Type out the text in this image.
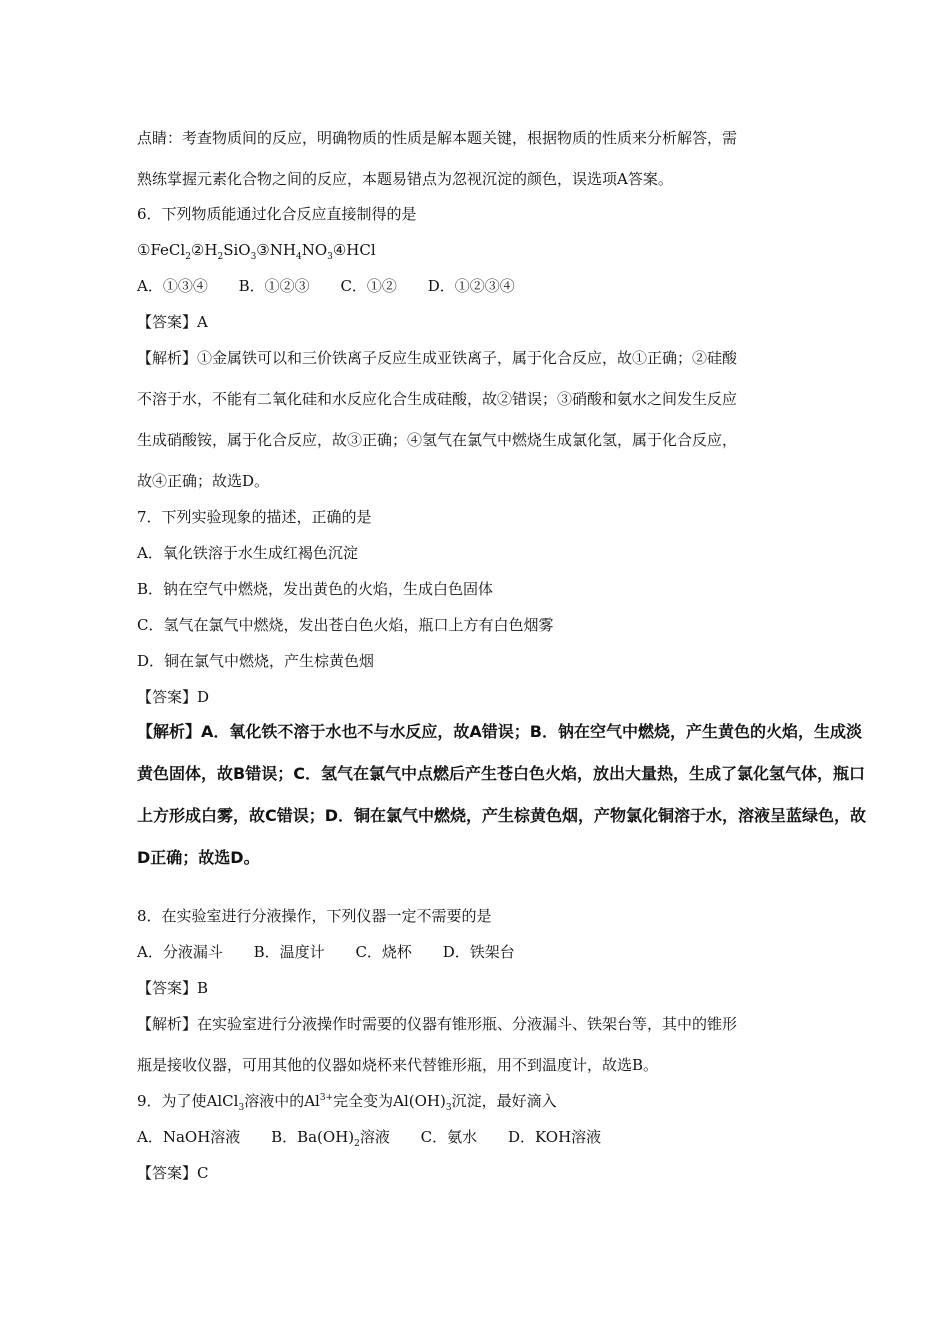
点睛：考查物质间的反应，明确物质的性质是解本题关键，根据物质的性质来分析解答，需
熟练掌握元素化合物之间的反应，本题易错点为忽视沉淀的颜色，误选项A答案。
6．下列物质能通过化合反应直接制得的是
$①FeCl_2②H_2SiO_3③NH_4NO_3④HCl$
A．①③④ B．①②③ C．①② D．①②③④
【答案】A
【解析】①金属铁可以和三价铁离子反应生成亚铁离子，属于化合反应，故①正确；②硅酸
不溶于水，不能有二氧化硅和水反应化合生成硅酸，故②错误；③硝酸和氨水之间发生反应
生成硝酸铵，属于化合反应，故③正确；④氢气在氯气中燃烧生成氯化氢，属于化合反应，
故④正确；故选D。
7．下列实验现象的描述，正确的是
A．氧化铁溶于水生成红褐色沉淀
B．钠在空气中燃烧，发出黄色的火焰，生成白色固体
C．氢气在氯气中燃烧，发出苍白色火焰，瓶口上方有白色烟雾
D．铜在氯气中燃烧，产生棕黄色烟
【答案】D
【解析】A．氧化铁不溶于水也不与水反应，故A错误；B．钠在空气中燃烧，产生黄色的火焰，生成淡
黄色固体，故B错误；C．氢气在氯气中点燃后产生苍白色火焰，放出大量热，生成了氯化氢气体，瓶口
上方形成白雾，故C错误；D．铜在氯气中燃烧，产生棕黄色烟，产物氯化铜溶于水，溶液呈蓝绿色，故
D正确；故选D。
8．在实验室进行分液操作，下列仪器一定不需要的是
A．分液漏斗 B．温度计 C．烧杯 D．铁架台
【答案】B
【解析】在实验室进行分液操作时需要的仪器有锥形瓶、分液漏斗、铁架台等，其中的锥形
瓶是接收仪器，可用其他的仪器如烧杯来代替锥形瓶，用不到温度计，故选B。
9．为了使AlCl$_3$溶液中的$Al^{3+}$完全变为$Al(OH)_3$沉淀，最好滴入
A．NaOH溶液 B．$Ba(OH)_2$溶液 C．氨水 D．KOH溶液
【答案】C
